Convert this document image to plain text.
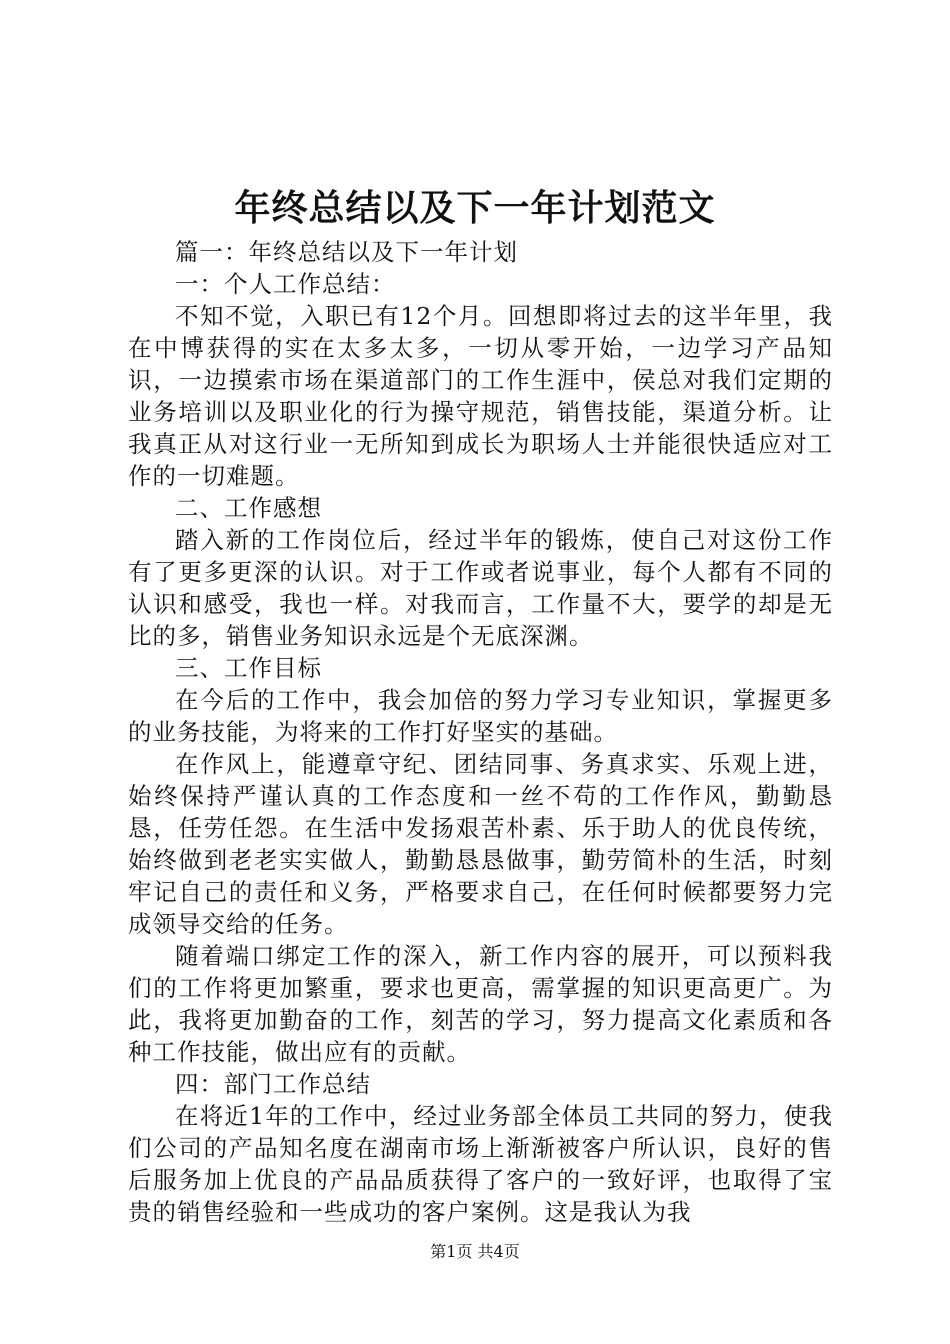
年终总结以及下一年计划范文

篇一：年终总结以及下一年计划

一：个人工作总结：

不知不觉，入职已有12个月。回想即将过去的这半年里，我在中博获得的实在太多太多，一切从零开始，一边学习产品知识，一边摸索市场在渠道部门的工作生涯中，侯总对我们定期的业务培训以及职业化的行为操守规范，销售技能，渠道分析。让我真正从对这行业一无所知到成长为职场人士并能很快适应对工作的一切难题。

二、工作感想

踏入新的工作岗位后，经过半年的锻炼，使自己对这份工作有了更多更深的认识。对于工作或者说事业，每个人都有不同的认识和感受，我也一样。对我而言，工作量不大，要学的却是无比的多，销售业务知识永远是个无底深渊。

三、工作目标

在今后的工作中，我会加倍的努力学习专业知识，掌握更多的业务技能，为将来的工作打好坚实的基础。

在作风上，能遵章守纪、团结同事、务真求实、乐观上进，始终保持严谨认真的工作态度和一丝不苟的工作作风，勤勤恳恳，任劳任怨。在生活中发扬艰苦朴素、乐于助人的优良传统，始终做到老老实实做人，勤勤恳恳做事，勤劳简朴的生活，时刻牢记自己的责任和义务，严格要求自己，在任何时候都要努力完成领导交给的任务。

随着端口绑定工作的深入，新工作内容的展开，可以预料我们的工作将更加繁重，要求也更高，需掌握的知识更高更广。为此，我将更加勤奋的工作，刻苦的学习，努力提高文化素质和各种工作技能，做出应有的贡献。

四：部门工作总结

在将近1年的工作中，经过业务部全体员工共同的努力，使我们公司的产品知名度在湖南市场上渐渐被客户所认识，良好的售后服务加上优良的产品品质获得了客户的一致好评，也取得了宝贵的销售经验和一些成功的客户案例。这是我认为我

第1页 共4页
